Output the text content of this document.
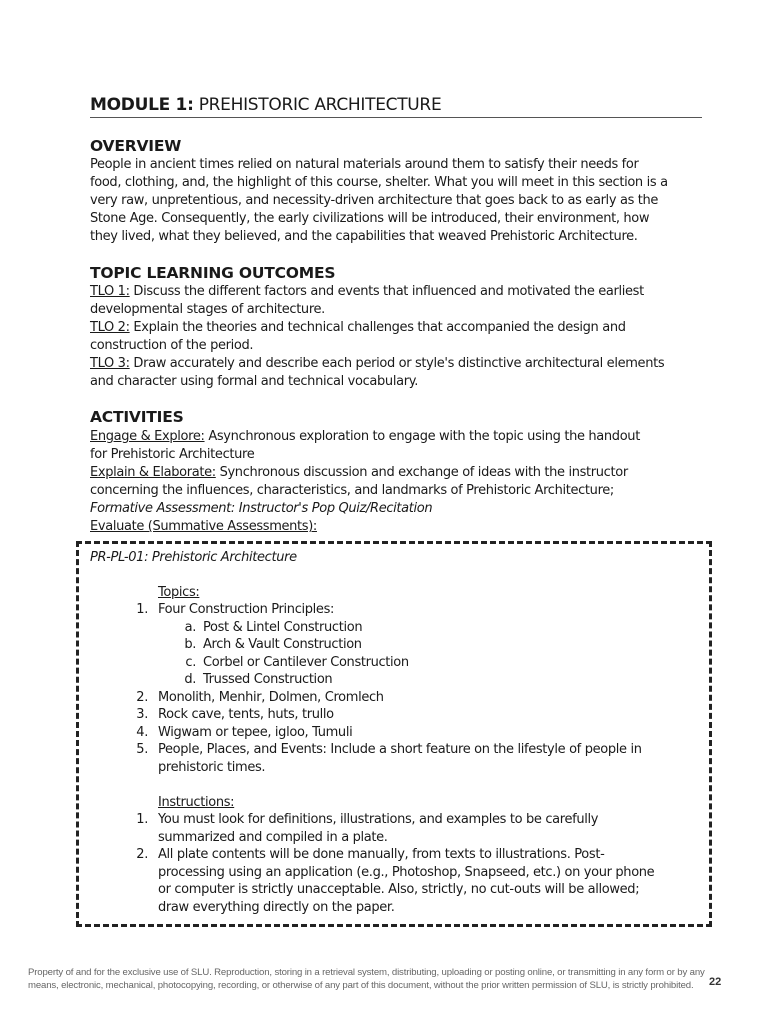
MODULE 1: PREHISTORIC ARCHITECTURE
OVERVIEW
People in ancient times relied on natural materials around them to satisfy their needs for
food, clothing, and, the highlight of this course, shelter. What you will meet in this section is a
very raw, unpretentious, and necessity-driven architecture that goes back to as early as the
Stone Age. Consequently, the early civilizations will be introduced, their environment, how
they lived, what they believed, and the capabilities that weaved Prehistoric Architecture.
TOPIC LEARNING OUTCOMES
TLO 1: Discuss the different factors and events that influenced and motivated the earliest
developmental stages of architecture.
TLO 2: Explain the theories and technical challenges that accompanied the design and
construction of the period.
TLO 3: Draw accurately and describe each period or style's distinctive architectural elements
and character using formal and technical vocabulary.
ACTIVITIES
Engage & Explore: Asynchronous exploration to engage with the topic using the handout
for Prehistoric Architecture
Explain & Elaborate: Synchronous discussion and exchange of ideas with the instructor
concerning the influences, characteristics, and landmarks of Prehistoric Architecture;
Formative Assessment: Instructor's Pop Quiz/Recitation
Evaluate (Summative Assessments):
PR-PL-01: Prehistoric Architecture
Topics:
1. Four Construction Principles:
a. Post & Lintel Construction
b. Arch & Vault Construction
c. Corbel or Cantilever Construction
d. Trussed Construction
2. Monolith, Menhir, Dolmen, Cromlech
3. Rock cave, tents, huts, trullo
4. Wigwam or tepee, igloo, Tumuli
5. People, Places, and Events: Include a short feature on the lifestyle of people in
prehistoric times.
Instructions:
1. You must look for definitions, illustrations, and examples to be carefully
summarized and compiled in a plate.
2. All plate contents will be done manually, from texts to illustrations. Post-
processing using an application (e.g., Photoshop, Snapseed, etc.) on your phone
or computer is strictly unacceptable. Also, strictly, no cut-outs will be allowed;
draw everything directly on the paper.
Property of and for the exclusive use of SLU. Reproduction, storing in a retrieval system, distributing, uploading or posting online, or transmitting in any form or by any
means, electronic, mechanical, photocopying, recording, or otherwise of any part of this document, without the prior written permission of SLU, is strictly prohibited.	22
